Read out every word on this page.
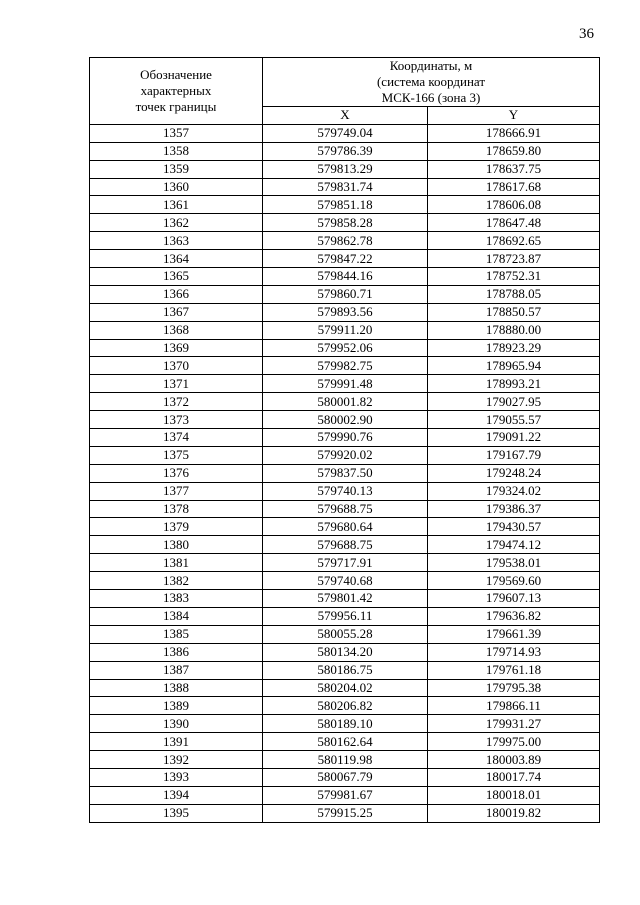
36
Обозначение
характерных
точек границы	Координаты, м
(система координат
МСК-166 (зона 3)	

	X	Y
1357	579749.04	178666.91
1358	579786.39	178659.80
1359	579813.29	178637.75
1360	579831.74	178617.68
1361	579851.18	178606.08
1362	579858.28	178647.48
1363	579862.78	178692.65
1364	579847.22	178723.87
1365	579844.16	178752.31
1366	579860.71	178788.05
1367	579893.56	178850.57
1368	579911.20	178880.00
1369	579952.06	178923.29
1370	579982.75	178965.94
1371	579991.48	178993.21
1372	580001.82	179027.95
1373	580002.90	179055.57
1374	579990.76	179091.22
1375	579920.02	179167.79
1376	579837.50	179248.24
1377	579740.13	179324.02
1378	579688.75	179386.37
1379	579680.64	179430.57
1380	579688.75	179474.12
1381	579717.91	179538.01
1382	579740.68	179569.60
1383	579801.42	179607.13
1384	579956.11	179636.82
1385	580055.28	179661.39
1386	580134.20	179714.93
1387	580186.75	179761.18
1388	580204.02	179795.38
1389	580206.82	179866.11
1390	580189.10	179931.27
1391	580162.64	179975.00
1392	580119.98	180003.89
1393	580067.79	180017.74
1394	579981.67	180018.01
1395	579915.25	180019.82
